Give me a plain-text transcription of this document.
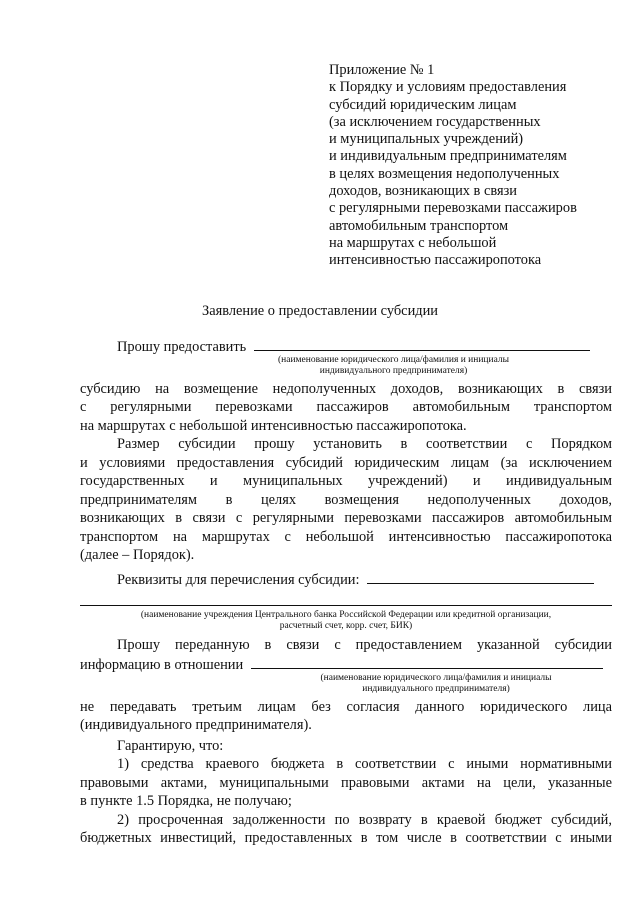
Приложение № 1
к Порядку и условиям предоставления
субсидий юридическим лицам
(за исключением государственных
и муниципальных учреждений)
и индивидуальным предпринимателям
в целях возмещения недополученных
доходов, возникающих в связи
с регулярными перевозками пассажиров
автомобильным транспортом
на маршрутах с небольшой
интенсивностью пассажиропотока
Заявление о предоставлении субсидии
Прошу предоставить
(наименование юридического лица/фамилия и инициалы
индивидуального предпринимателя)
субсидию на возмещение недополученных доходов, возникающих в связи
с регулярными перевозками пассажиров автомобильным транспортом
на маршрутах с небольшой интенсивностью пассажиропотока.
Размер субсидии прошу установить в соответствии с Порядком
и условиями предоставления субсидий юридическим лицам (за исключением
государственных и муниципальных учреждений) и индивидуальным
предпринимателям в целях возмещения недополученных доходов,
возникающих в связи с регулярными перевозками пассажиров автомобильным
транспортом на маршрутах с небольшой интенсивностью пассажиропотока
(далее – Порядок).
Реквизиты для перечисления субсидии:
(наименование учреждения Центрального банка Российской Федерации или кредитной организации,
расчетный счет, корр. счет, БИК)
Прошу переданную в связи с предоставлением указанной субсидии
информацию в отношении
(наименование юридического лица/фамилия и инициалы
индивидуального предпринимателя)
не передавать третьим лицам без согласия данного юридического лица
(индивидуального предпринимателя).
Гарантирую, что:
1) средства краевого бюджета в соответствии с иными нормативными
правовыми актами, муниципальными правовыми актами на цели, указанные
в пункте 1.5 Порядка, не получаю;
2) просроченная задолженности по возврату в краевой бюджет субсидий,
бюджетных инвестиций, предоставленных в том числе в соответствии с иными
